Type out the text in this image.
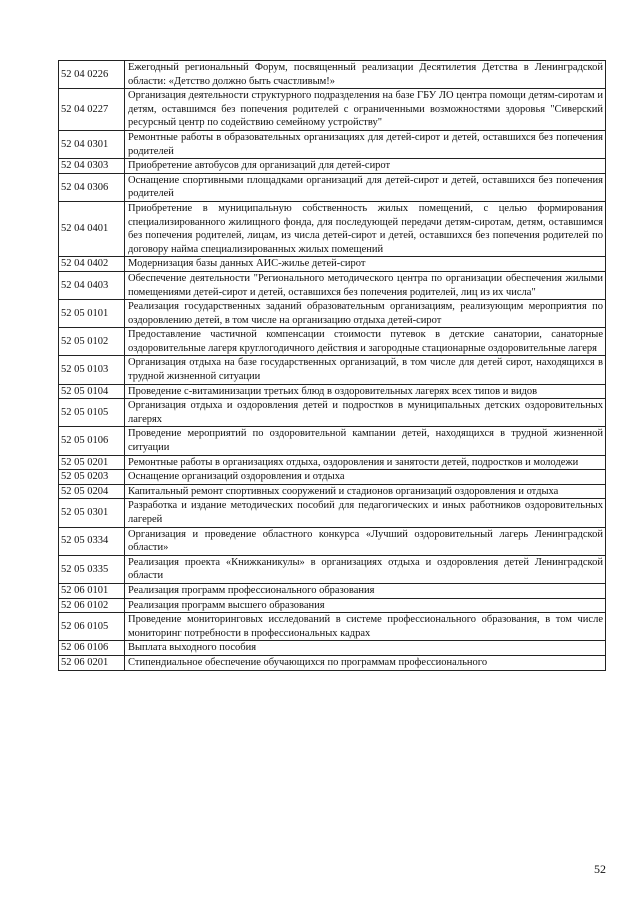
52 04 0226	Ежегодный региональный Форум, посвященный реализации Десятилетия Детства в Ленинградской области: «Детство должно быть счастливым!»
52 04 0227	Организация деятельности структурного подразделения на базе ГБУ ЛО центра помощи детям-сиротам и детям, оставшимся без попечения родителей с ограниченными возможностями здоровья "Сиверский ресурсный центр по содействию семейному устройству"
52 04 0301	Ремонтные работы в образовательных организациях для детей-сирот и детей, оставшихся без попечения родителей
52 04 0303	Приобретение автобусов для организаций для детей-сирот
52 04 0306	Оснащение спортивными площадками организаций для детей-сирот и детей, оставшихся без попечения родителей
52 04 0401	Приобретение в муниципальную собственность жилых помещений, с целью формирования специализированного жилищного фонда, для последующей передачи детям-сиротам, детям, оставшимся без попечения родителей, лицам, из числа детей-сирот и детей, оставшихся без попечения родителей по договору найма специализированных жилых помещений
52 04 0402	Модернизация базы данных АИС-жилье детей-сирот
52 04 0403	Обеспечение деятельности "Регионального методического центра по организации обеспечения жилыми помещениями детей-сирот и детей, оставшихся без попечения родителей, лиц из их числа"
52 05 0101	Реализация государственных заданий образовательным организациям, реализующим мероприятия по оздоровлению детей, в том числе на организацию отдыха детей-сирот
52 05 0102	Предоставление частичной компенсации стоимости путевок в детские санатории, санаторные оздоровительные лагеря круглогодичного действия и загородные стационарные оздоровительные лагеря
52 05 0103	Организация отдыха на базе государственных организаций, в том числе для детей сирот, находящихся в трудной жизненной ситуации
52 05 0104	Проведение с-витаминизации третьих блюд в оздоровительных лагерях всех типов и видов
52 05 0105	Организация отдыха и оздоровления детей и подростков в муниципальных детских оздоровительных лагерях
52 05 0106	Проведение мероприятий по оздоровительной кампании детей, находящихся в трудной жизненной ситуации
52 05 0201	Ремонтные работы в организациях отдыха, оздоровления и занятости детей, подростков и молодежи
52 05 0203	Оснащение организаций оздоровления и отдыха
52 05 0204	Капитальный ремонт спортивных сооружений и стадионов организаций оздоровления и отдыха
52 05 0301	Разработка и издание методических пособий для педагогических и иных работников оздоровительных лагерей
52 05 0334	Организация и проведение областного конкурса «Лучший оздоровительный лагерь Ленинградской области»
52 05 0335	Реализация проекта «Книжканикулы» в организациях отдыха и оздоровления детей Ленинградской области
52 06 0101	Реализация программ профессионального образования
52 06 0102	Реализация программ высшего образования
52 06 0105	Проведение мониторинговых исследований в системе профессионального образования, в том числе мониторинг потребности в профессиональных кадрах
52 06 0106	Выплата выходного пособия
52 06 0201	Стипендиальное обеспечение обучающихся по программам профессионального
52
